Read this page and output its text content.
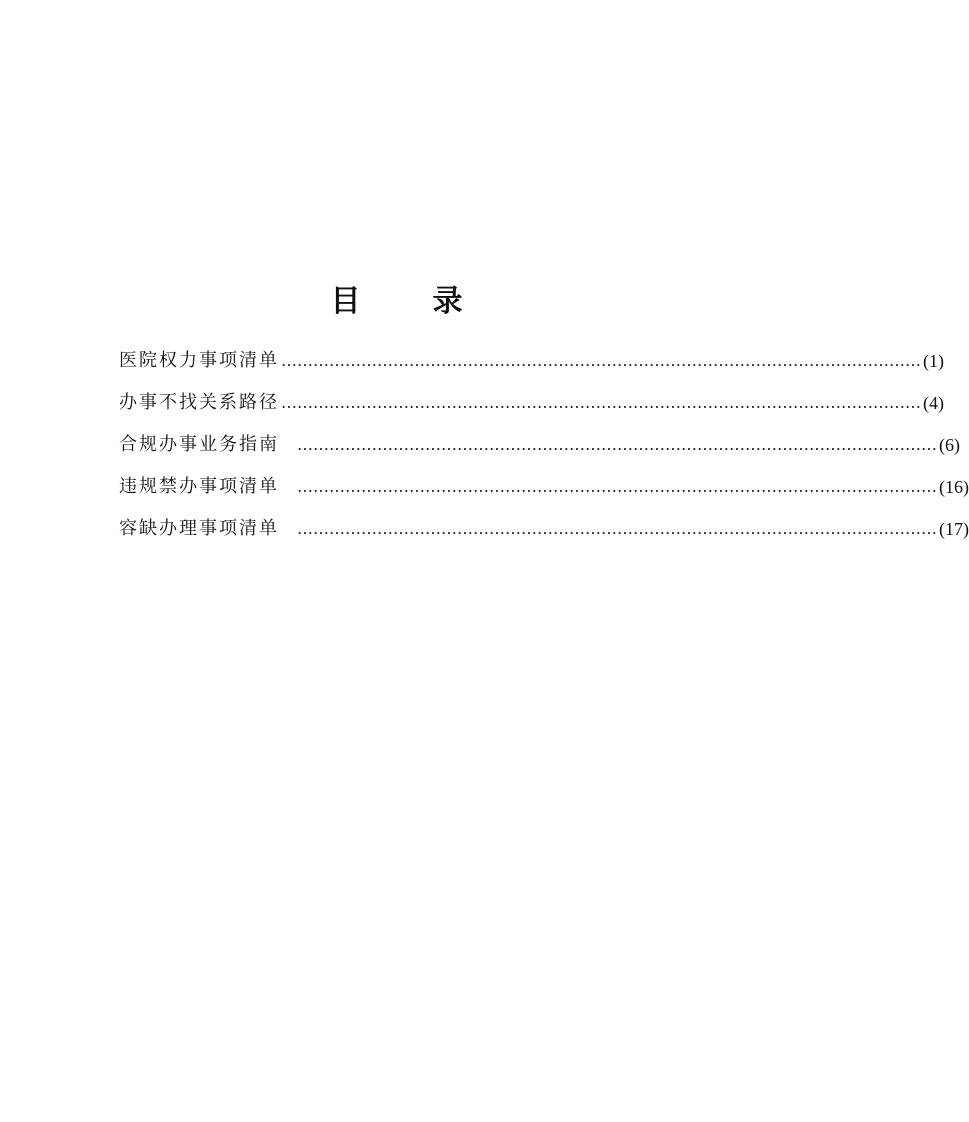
目 录
医院权力事项清单 ………………………………………………………………………………………………………… (1)
办事不找关系路径 ………………………………………………………………………………………………………… (4)
合规办事业务指南 ………………………………………………………………………………………………………… (6)
违规禁办事项清单 ………………………………………………………………………………………………………… (16)
容缺办理事项清单 ………………………………………………………………………………………………………… (17)
